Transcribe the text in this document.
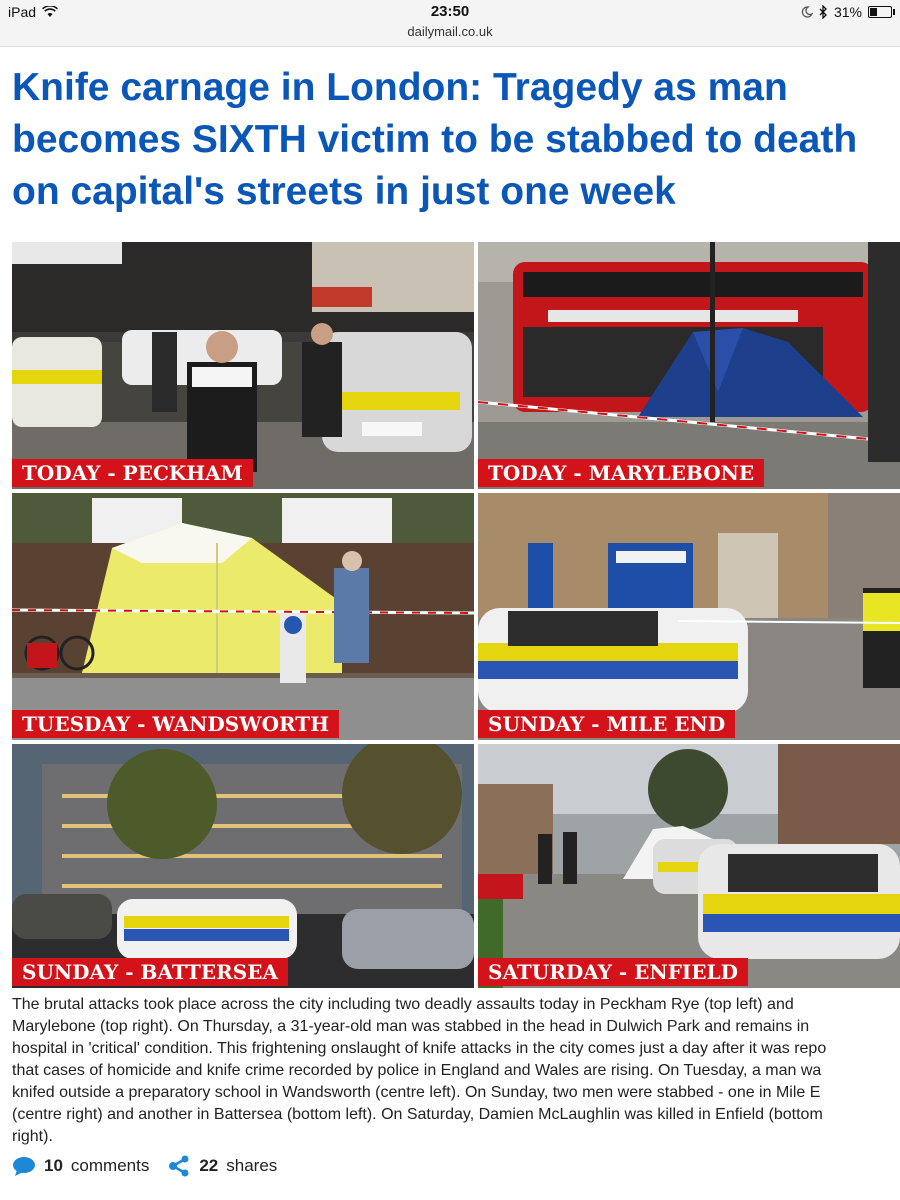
iPad	23:50
dailymail.co.uk
31%
Knife carnage in London: Tragedy as man becomes SIXTH victim to be stabbed to death on capital's streets in just one week
TODAY - PECKHAM	TODAY - MARYLEBONE
TUESDAY - WANDSWORTH	SUNDAY - MILE END
SUNDAY - BATTERSEA	SATURDAY - ENFIELD
The brutal attacks took place across the city including two deadly assaults today in Peckham Rye (top left) and
Marylebone (top right). On Thursday, a 31-year-old man was stabbed in the head in Dulwich Park and remains in
hospital in 'critical' condition. This frightening onslaught of knife attacks in the city comes just a day after it was repo
that cases of homicide and knife crime recorded by police in England and Wales are rising. On Tuesday, a man wa
knifed outside a preparatory school in Wandsworth (centre left). On Sunday, two men were stabbed - one in Mile E
(centre right) and another in Battersea (bottom left). On Saturday, Damien McLaughlin was killed in Enfield (bottom
right).
10 comments	22 shares
